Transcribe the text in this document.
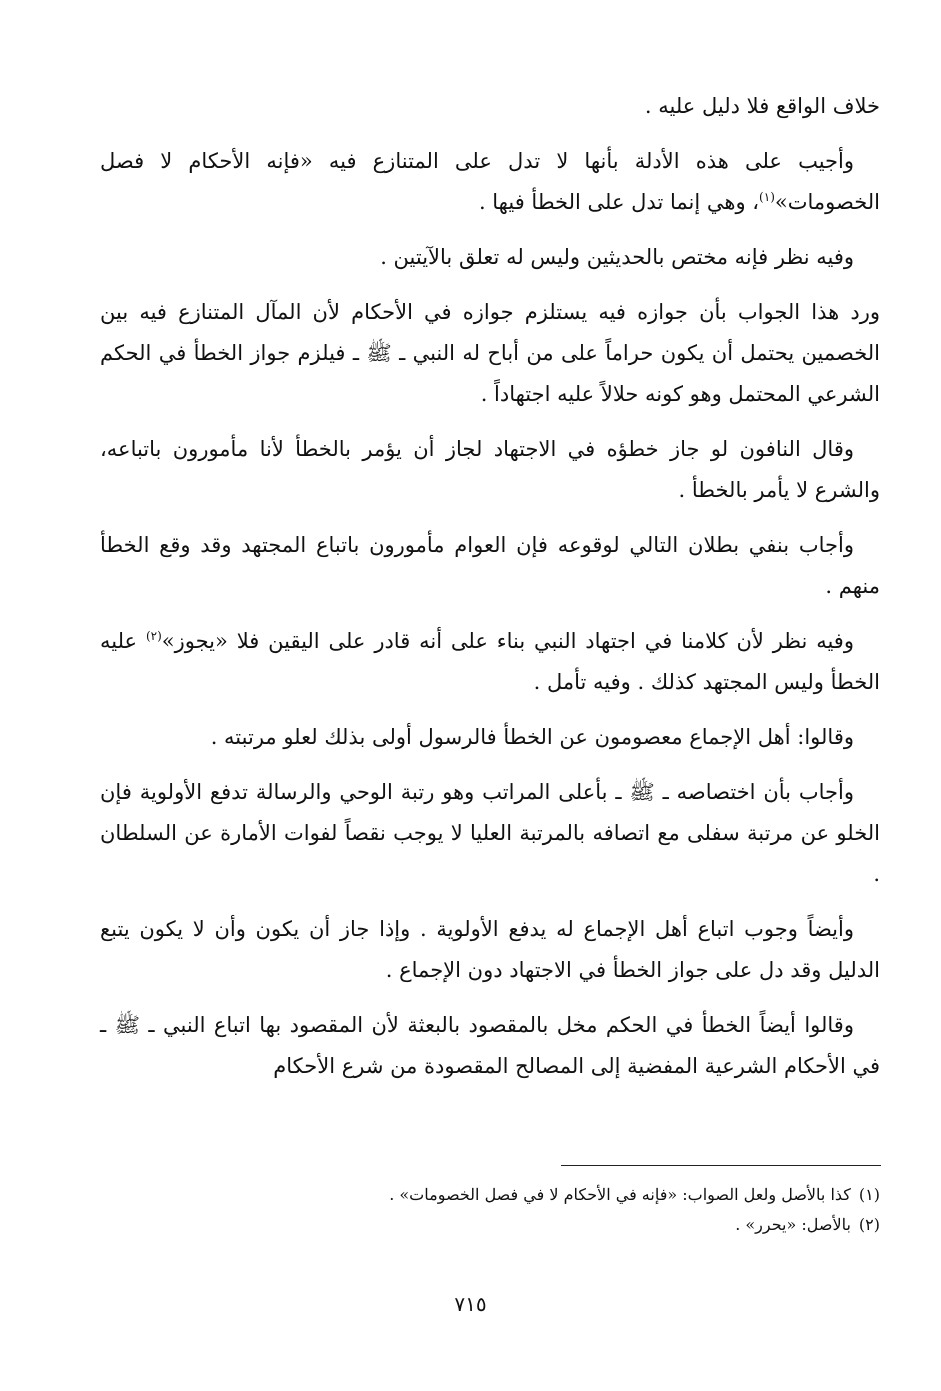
خلاف الواقع فلا دليل عليه .

وأجيب على هذه الأدلة بأنها لا تدل على المتنازع فيه «فإنه الأحكام لا فصل الخصومات»$^{(١)}$، وهي إنما تدل على الخطأ فيها .

وفيه نظر فإنه مختص بالحديثين وليس له تعلق بالآيتين .

ورد هذا الجواب بأن جوازه فيه يستلزم جوازه في الأحكام لأن المآل المتنازع فيه بين الخصمين يحتمل أن يكون حراماً على من أباح له النبي ـ ﷺ ـ فيلزم جواز الخطأ في الحكم الشرعي المحتمل وهو كونه حلالاً عليه اجتهاداً .

وقال النافون لو جاز خطؤه في الاجتهاد لجاز أن يؤمر بالخطأ لأنا مأمورون باتباعه، والشرع لا يأمر بالخطأ .

وأجاب بنفي بطلان التالي لوقوعه فإن العوام مأمورون باتباع المجتهد وقد وقع الخطأ منهم .

وفيه نظر لأن كلامنا في اجتهاد النبي بناء على أنه قادر على اليقين فلا «يجوز»$^{(٢)}$ عليه الخطأ وليس المجتهد كذلك . وفيه تأمل .

وقالوا: أهل الإجماع معصومون عن الخطأ فالرسول أولى بذلك لعلو مرتبته .

وأجاب بأن اختصاصه ـ ﷺ ـ بأعلى المراتب وهو رتبة الوحي والرسالة تدفع الأولوية فإن الخلو عن مرتبة سفلى مع اتصافه بالمرتبة العليا لا يوجب نقصاً لفوات الأمارة عن السلطان .

وأيضاً وجوب اتباع أهل الإجماع له يدفع الأولوية . وإذا جاز أن يكون وأن لا يكون يتبع الدليل وقد دل على جواز الخطأ في الاجتهاد دون الإجماع .

وقالوا أيضاً الخطأ في الحكم مخل بالمقصود بالبعثة لأن المقصود بها اتباع النبي ـ ﷺ ـ في الأحكام الشرعية المفضية إلى المصالح المقصودة من شرع الأحكام

(١)كذا بالأصل ولعل الصواب: «فإنه في الأحكام لا في فصل الخصومات» .

(٢)بالأصل: «يحرر» .

٧١٥
